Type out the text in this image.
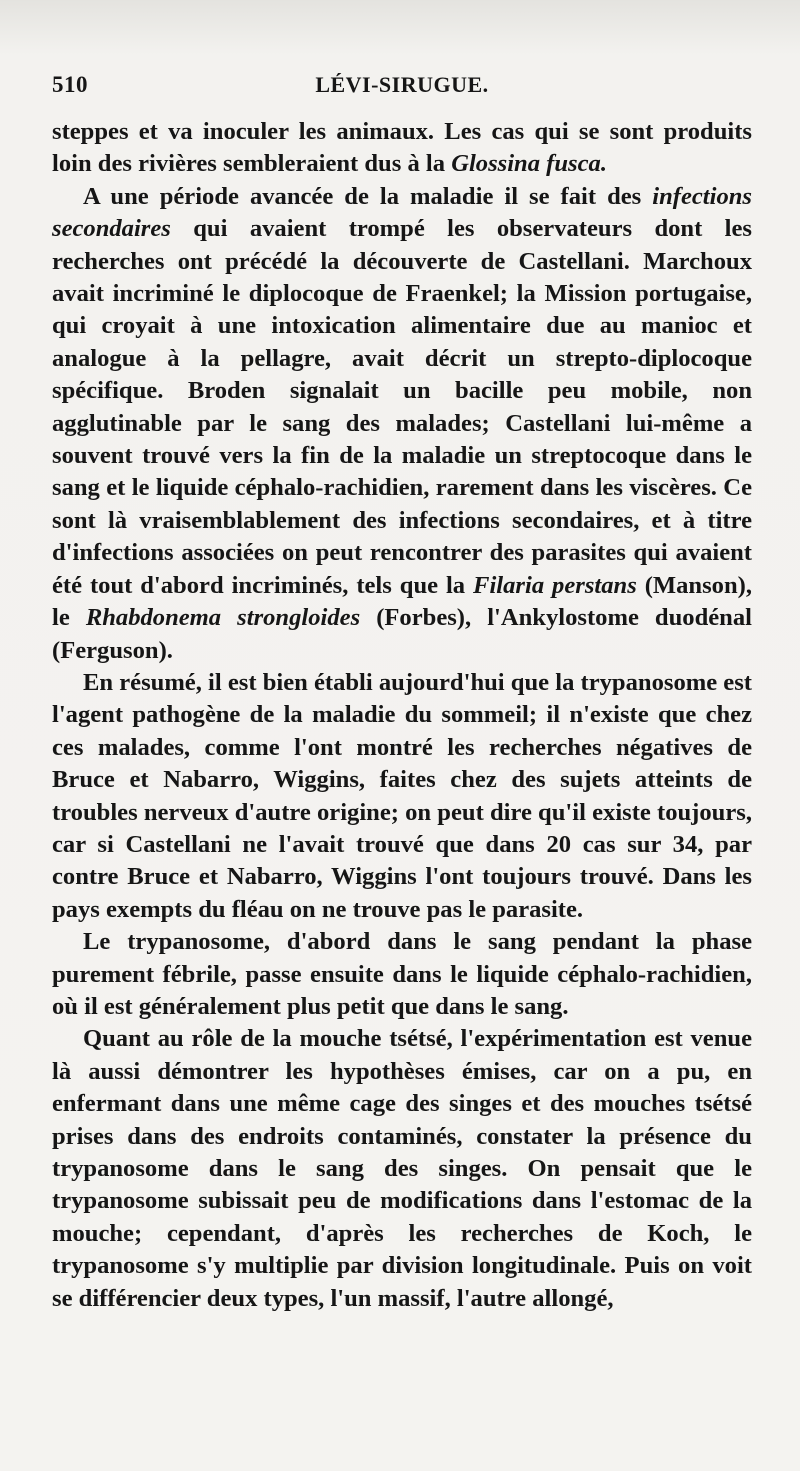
510	LÉVI-SIRUGUE.

steppes et va inoculer les animaux. Les cas qui se sont produits loin des rivières sembleraient dus à la Glossina fusca.

A une période avancée de la maladie il se fait des infections secondaires qui avaient trompé les observateurs dont les recherches ont précédé la découverte de Castellani. Marchoux avait incriminé le diplocoque de Fraenkel; la Mission portugaise, qui croyait à une intoxication alimentaire due au manioc et analogue à la pellagre, avait décrit un strepto-diplocoque spécifique. Broden signalait un bacille peu mobile, non agglutinable par le sang des malades; Castellani lui-même a souvent trouvé vers la fin de la maladie un streptocoque dans le sang et le liquide céphalo-rachidien, rarement dans les viscères. Ce sont là vraisemblablement des infections secondaires, et à titre d'infections associées on peut rencontrer des parasites qui avaient été tout d'abord incriminés, tels que la Filaria perstans (Manson), le Rhabdonema strongloides (Forbes), l'Ankylostome duodénal (Ferguson).

En résumé, il est bien établi aujourd'hui que la trypanosome est l'agent pathogène de la maladie du sommeil; il n'existe que chez ces malades, comme l'ont montré les recherches négatives de Bruce et Nabarro, Wiggins, faites chez des sujets atteints de troubles nerveux d'autre origine; on peut dire qu'il existe toujours, car si Castellani ne l'avait trouvé que dans 20 cas sur 34, par contre Bruce et Nabarro, Wiggins l'ont toujours trouvé. Dans les pays exempts du fléau on ne trouve pas le parasite.

Le trypanosome, d'abord dans le sang pendant la phase purement fébrile, passe ensuite dans le liquide céphalo-rachidien, où il est généralement plus petit que dans le sang.

Quant au rôle de la mouche tsétsé, l'expérimentation est venue là aussi démontrer les hypothèses émises, car on a pu, en enfermant dans une même cage des singes et des mouches tsétsé prises dans des endroits contaminés, constater la présence du trypanosome dans le sang des singes. On pensait que le trypanosome subissait peu de modifications dans l'estomac de la mouche; cependant, d'après les recherches de Koch, le trypanosome s'y multiplie par division longitudinale. Puis on voit se différencier deux types, l'un massif, l'autre allongé,
